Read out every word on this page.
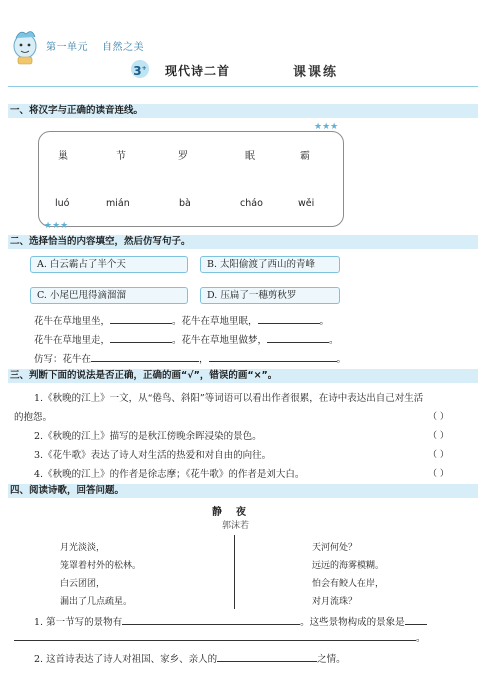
第一单元 自然之美
3+ 现代诗二首	课课练
一、将汉字与正确的读音连线。
★★★
★★★
巢	节	罗	眠	霸
luó	mián	bà	cháo	wěi
二、选择恰当的内容填空，然后仿写句子。
A. 白云霸占了半个天	B. 太阳偷渡了西山的青峰
C. 小尾巴甩得滴溜溜	D. 压扁了一穗剪秋罗
花牛在草地里坐，	。花牛在草地里眠，	。
花牛在草地里走，	。花牛在草地里做梦，	。
仿写：花牛在	，	。
三、判断下面的说法是否正确，正确的画“√”，错误的画“×”。
1.《秋晚的江上》一文，从“倦鸟、斜阳”等词语可以看出作者很累，在诗中表达出自己对生活
的抱怨。	（ ）
2.《秋晚的江上》描写的是秋江傍晚余晖浸染的景色。	（ ）
3.《花牛歌》表达了诗人对生活的热爱和对自由的向往。	（ ）
4.《秋晚的江上》的作者是徐志摩；《花牛歌》的作者是刘大白。	（ ）
四、阅读诗歌，回答问题。
静夜
郭沫若
月光淡淡，
笼罩着村外的松林。
白云团团，
漏出了几点疏星。
天河何处？
远远的海雾模糊。
怕会有鲛人在岸，
对月流珠？
1. 第一节写的景物有	。这些景物构成的景象是
。
2. 这首诗表达了诗人对祖国、家乡、亲人的	之情。
